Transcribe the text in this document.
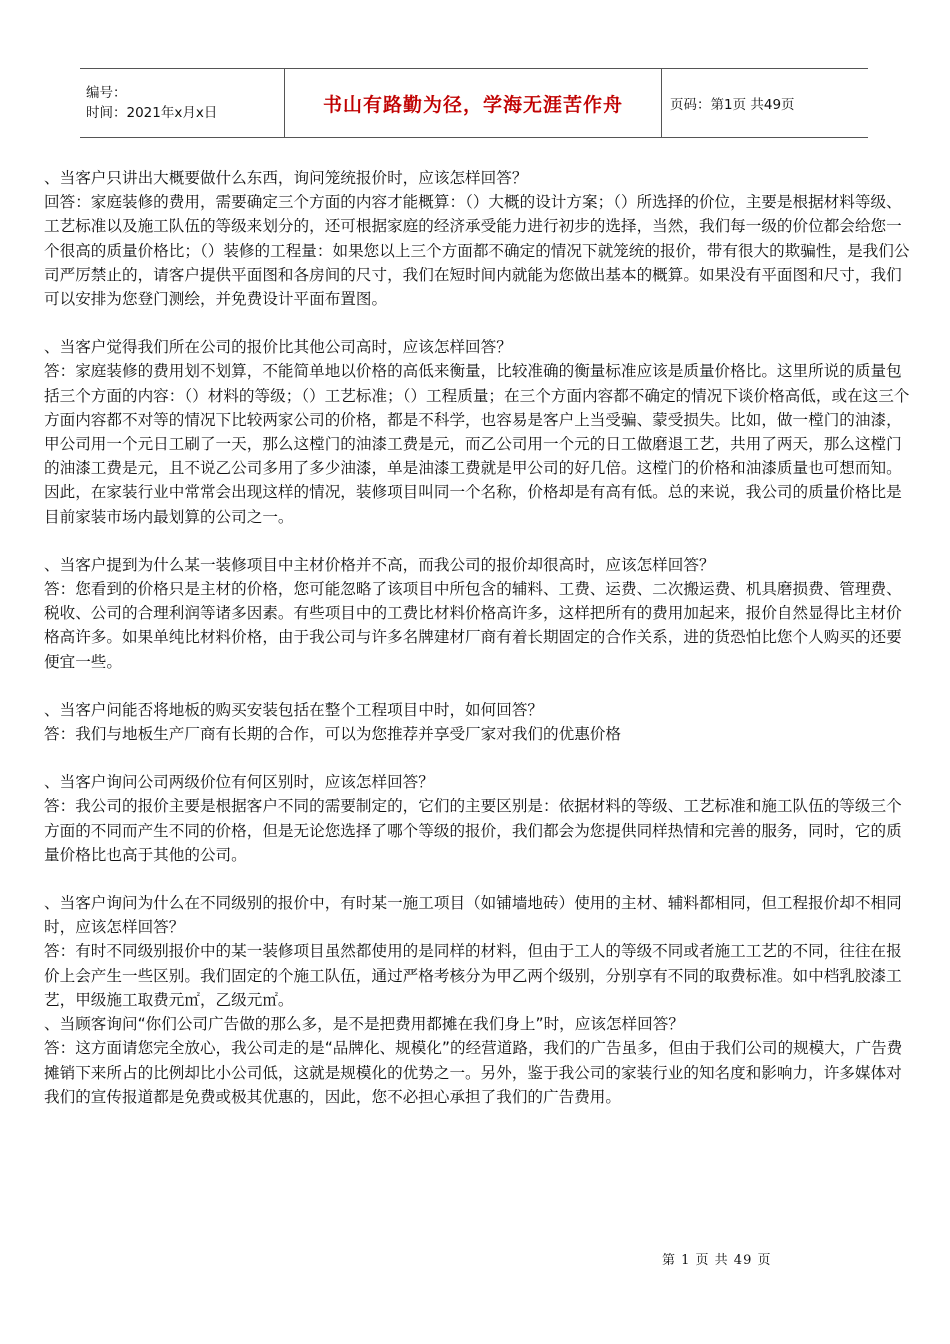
编号：
时间：2021年x月x日	书山有路勤为径，学海无涯苦作舟	页码：第1页 共49页

、当客户只讲出大概要做什么东西，询问笼统报价时，应该怎样回答？

回答：家庭装修的费用，需要确定三个方面的内容才能概算：（）大概的设计方案；（）所选择的价位，主要是根据材料等级、工艺标准以及施工队伍的等级来划分的，还可根据家庭的经济承受能力进行初步的选择，当然，我们每一级的价位都会给您一个很高的质量价格比；（）装修的工程量：如果您以上三个方面都不确定的情况下就笼统的报价，带有很大的欺骗性，是我们公司严厉禁止的，请客户提供平面图和各房间的尺寸，我们在短时间内就能为您做出基本的概算。如果没有平面图和尺寸，我们可以安排为您登门测绘，并免费设计平面布置图。

、当客户觉得我们所在公司的报价比其他公司高时，应该怎样回答？

答：家庭装修的费用划不划算，不能简单地以价格的高低来衡量，比较准确的衡量标准应该是质量价格比。这里所说的质量包括三个方面的内容：（）材料的等级；（）工艺标准；（）工程质量；在三个方面内容都不确定的情况下谈价格高低，或在这三个方面内容都不对等的情况下比较两家公司的价格，都是不科学，也容易是客户上当受骗、蒙受损失。比如，做一樘门的油漆，甲公司用一个元日工刷了一天，那么这樘门的油漆工费是元，而乙公司用一个元的日工做磨退工艺，共用了两天，那么这樘门的油漆工费是元，且不说乙公司多用了多少油漆，单是油漆工费就是甲公司的好几倍。这樘门的价格和油漆质量也可想而知。因此，在家装行业中常常会出现这样的情况，装修项目叫同一个名称，价格却是有高有低。总的来说，我公司的质量价格比是目前家装市场内最划算的公司之一。

、当客户提到为什么某一装修项目中主材价格并不高，而我公司的报价却很高时，应该怎样回答？

答：您看到的价格只是主材的价格，您可能忽略了该项目中所包含的辅料、工费、运费、二次搬运费、机具磨损费、管理费、税收、公司的合理利润等诸多因素。有些项目中的工费比材料价格高许多，这样把所有的费用加起来，报价自然显得比主材价格高许多。如果单纯比材料价格，由于我公司与许多名牌建材厂商有着长期固定的合作关系，进的货恐怕比您个人购买的还要便宜一些。

、当客户问能否将地板的购买安装包括在整个工程项目中时，如何回答？

答：我们与地板生产厂商有长期的合作，可以为您推荐并享受厂家对我们的优惠价格

、当客户询问公司两级价位有何区别时，应该怎样回答？

答：我公司的报价主要是根据客户不同的需要制定的，它们的主要区别是：依据材料的等级、工艺标准和施工队伍的等级三个方面的不同而产生不同的价格，但是无论您选择了哪个等级的报价，我们都会为您提供同样热情和完善的服务，同时，它的质量价格比也高于其他的公司。

、当客户询问为什么在不同级别的报价中，有时某一施工项目（如铺墙地砖）使用的主材、辅料都相同，但工程报价却不相同时，应该怎样回答？

答：有时不同级别报价中的某一装修项目虽然都使用的是同样的材料，但由于工人的等级不同或者施工工艺的不同，往往在报价上会产生一些区别。我们固定的个施工队伍，通过严格考核分为甲乙两个级别，分别享有不同的取费标准。如中档乳胶漆工艺，甲级施工取费元㎡，乙级元㎡。

、当顾客询问“你们公司广告做的那么多，是不是把费用都摊在我们身上”时，应该怎样回答？

答：这方面请您完全放心，我公司走的是“品牌化、规模化”的经营道路，我们的广告虽多，但由于我们公司的规模大，广告费摊销下来所占的比例却比小公司低，这就是规模化的优势之一。另外，鉴于我公司的家装行业的知名度和影响力，许多媒体对我们的宣传报道都是免费或极其优惠的，因此，您不必担心承担了我们的广告费用。

第 1 页 共 49 页
